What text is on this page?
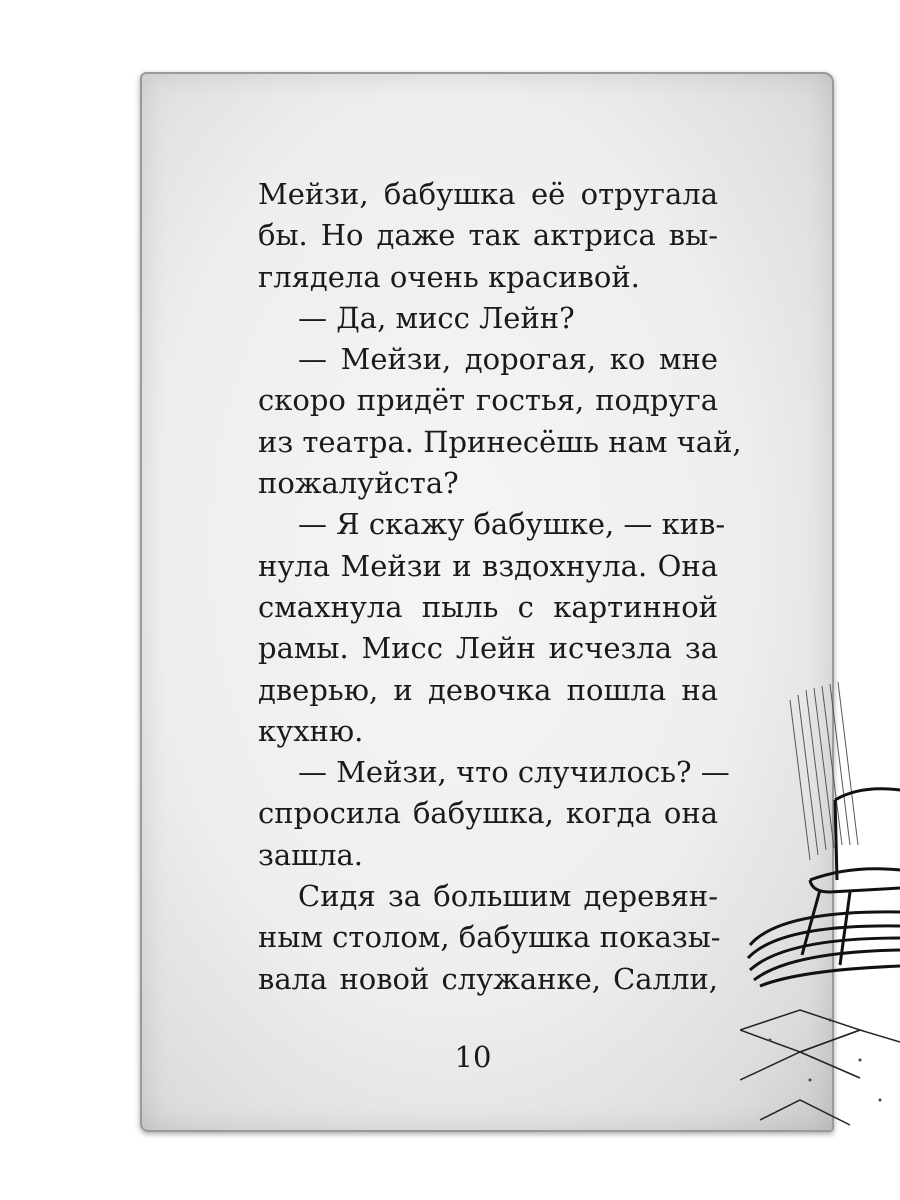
Мейзи, бабушка её отругала
бы. Но даже так актриса вы-
глядела очень красивой.

— Да, мисс Лейн?

— Мейзи, дорогая, ко мне
скоро придёт гостья, подруга
из театра. Принесёшь нам чай,
пожалуйста?

— Я скажу бабушке, — кив-
нула Мейзи и вздохнула. Она
смахнула пыль с картинной
рамы. Мисс Лейн исчезла за
дверью, и девочка пошла на
кухню.

— Мейзи, что случилось? —
спросила бабушка, когда она
зашла.

Сидя за большим деревян-
ным столом, бабушка показы-
вала новой служанке, Салли,

10
